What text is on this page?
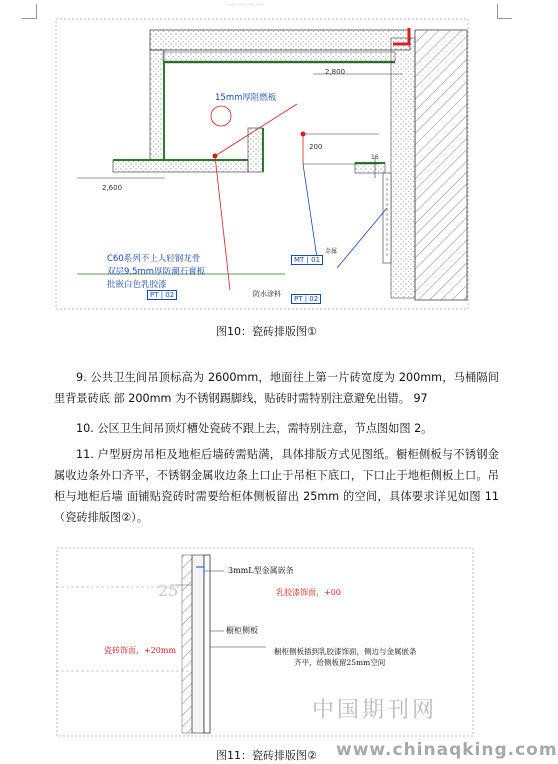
一 一 一 一
15mm厚阻燃板
2,800
200
2,600
16
C60系列不上人轻钢龙骨
双层9.5mm厚防潮石膏板
批嵌白色乳胶漆
PT | 02	防水涂料
PT | 02
MT | 01
金属
图10：瓷砖排版图①

9. 公共卫生间吊顶标高为 2600mm，地面往上第一片砖宽度为 200mm，马桶隔间里背景砖底 部 200mm 为不锈钢踢脚线，贴砖时需特别注意避免出错。 97

10. 公区卫生间吊顶灯槽处瓷砖不跟上去，需特别注意，节点图如图 2。

11. 户型厨房吊柜及地柜后墙砖需贴满，具体排版方式见图纸。橱柜侧板与不锈钢金属收边条外口齐平，不锈钢金属收边条上口止于吊柜下底口，下口止于地柜侧板上口。吊柜与地柜后墙 面铺贴瓷砖时需要给柜体侧板留出 25mm 的空间，具体要求详见如图 11（瓷砖排版图②）。

25
3mmL型金属嵌条
乳胶漆饰面，+00
橱柜侧板
瓷砖饰面，+20mm	橱柜侧板插到乳胶漆饰面，侧边与金属嵌条
齐平，给侧板留25mm空间
中国期刊网
图11：瓷砖排版图②	www.chinaqking.com
